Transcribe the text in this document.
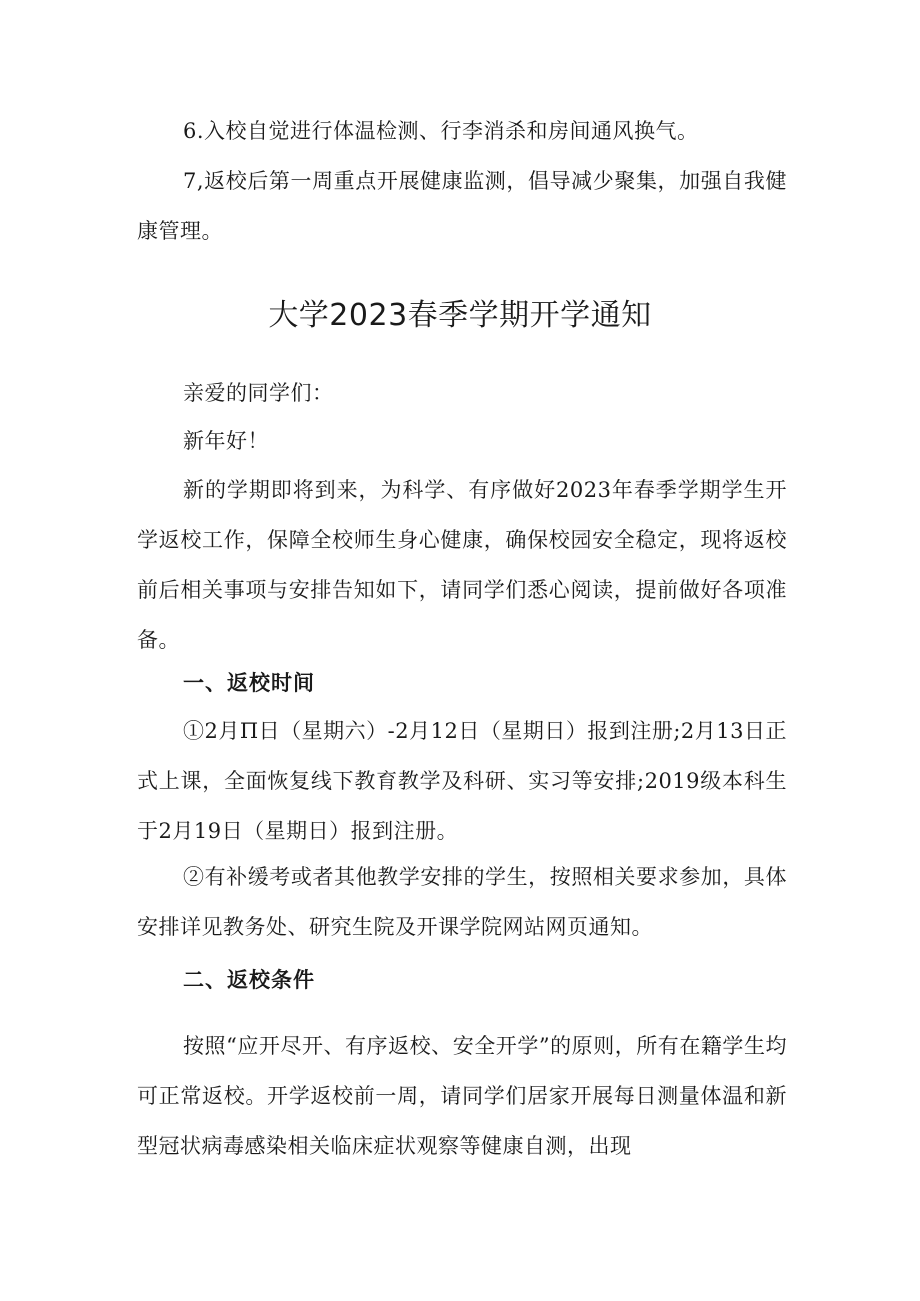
6.入校自觉进行体温检测、行李消杀和房间通风换气。

7,返校后第一周重点开展健康监测，倡导减少聚集，加强自我健康管理。

大学2023春季学期开学通知

亲爱的同学们：

新年好！

新的学期即将到来，为科学、有序做好2023年春季学期学生开学返校工作，保障全校师生身心健康，确保校园安全稳定，现将返校前后相关事项与安排告知如下，请同学们悉心阅读，提前做好各项准备。

一、返校时间

①2月П日（星期六）-2月12日（星期日）报到注册;2月13日正式上课，全面恢复线下教育教学及科研、实习等安排;2019级本科生于2月19日（星期日）报到注册。

②有补缓考或者其他教学安排的学生，按照相关要求参加，具体安排详见教务处、研究生院及开课学院网站网页通知。

二、返校条件

按照“应开尽开、有序返校、安全开学”的原则，所有在籍学生均可正常返校。开学返校前一周，请同学们居家开展每日测量体温和新型冠状病毒感染相关临床症状观察等健康自测，出现
